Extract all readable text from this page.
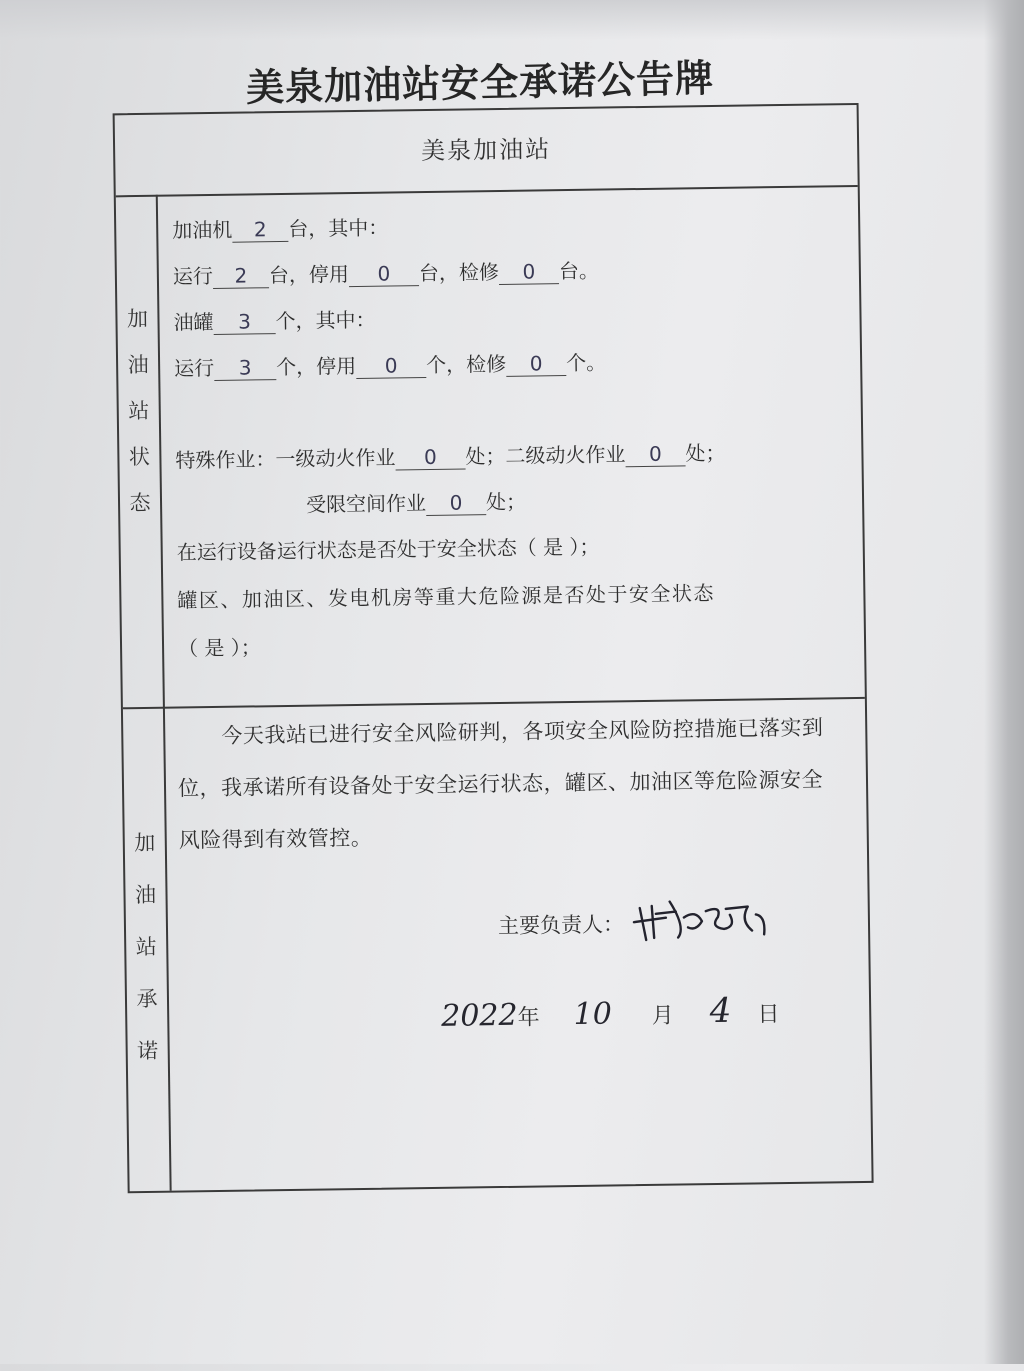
美泉加油站安全承诺公告牌
美泉加油站
加
油
站
状
态
加油机 2 台，其中：
运行 2 台，停用 0 台，检修 0 台。
油罐 3 个，其中：
运行 3 个，停用 0 个，检修 0 个。
特殊作业：一级动火作业 0 处；二级动火作业 0 处；
受限空间作业 0 处；
在运行设备运行状态是否处于安全状态（ 是 ）；
罐区、加油区、发电机房等重大危险源是否处于安全状态
（ 是 ）；
加
油
站
承
诺
今天我站已进行安全风险研判，各项安全风险防控措施已落实到位，我承诺所有设备处于安全运行状态，罐区、加油区等危险源安全风险得到有效管控。
主要负责人：
2022年 10 月 4 日
